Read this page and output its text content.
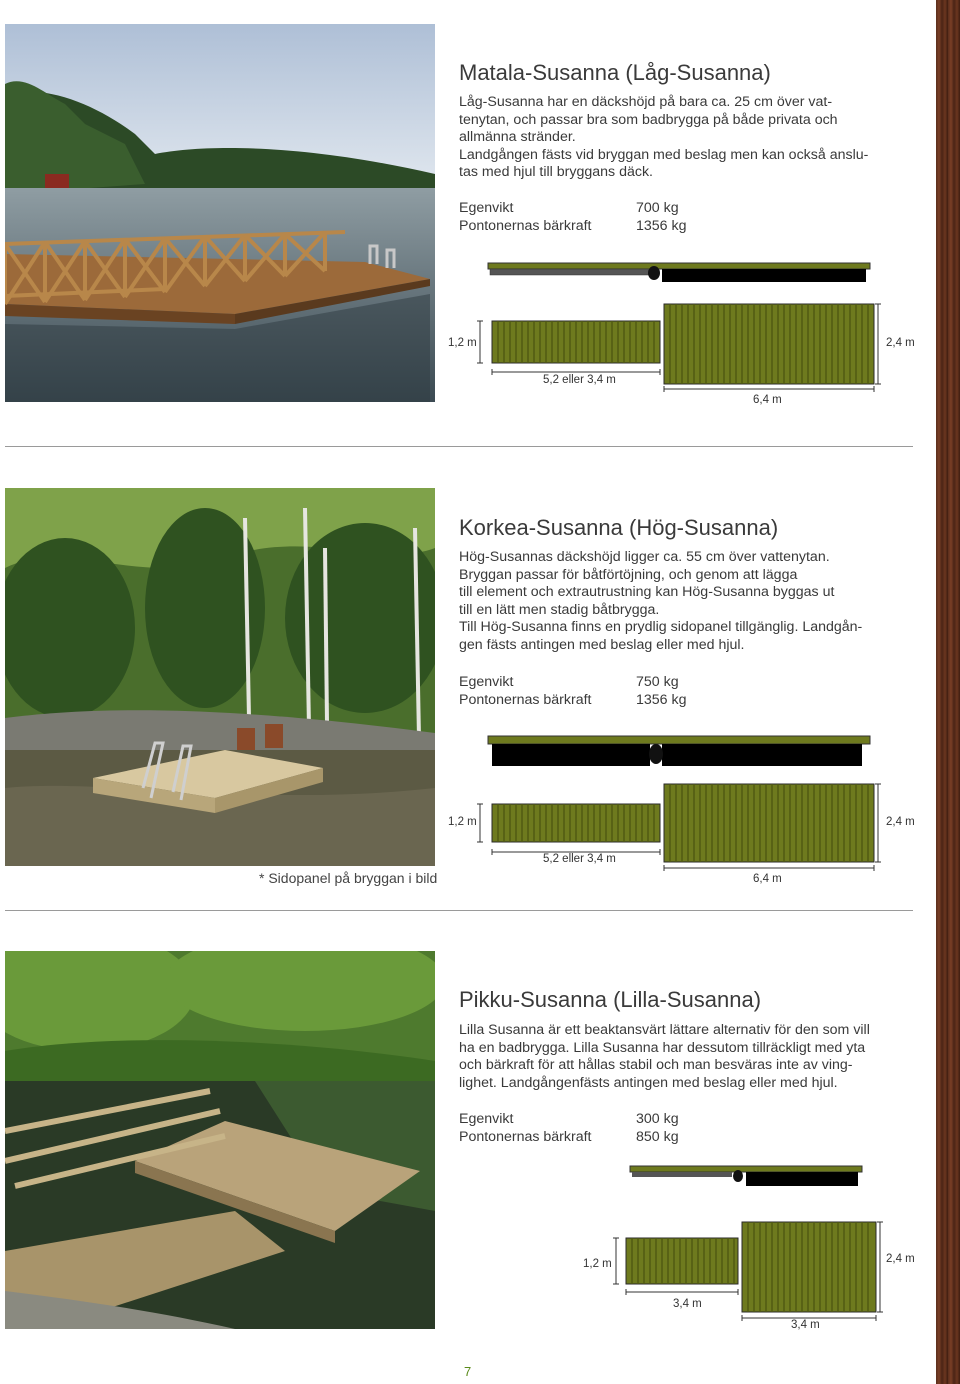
Matala-Susanna (Låg-Susanna)

Låg-Susanna har en däckshöjd på bara ca. 25 cm över vat-

tenytan, och passar bra som badbrygga på både privata och

allmänna stränder.

Landgången fästs vid bryggan med beslag men kan också anslu-

tas med hjul till bryggans däck.

Egenvikt	700 kg
Pontonernas bärkraft	1356 kg
1,2 m	2,4 m
5,2 eller 3,4 m
6,4 m
Korkea-Susanna (Hög-Susanna)

Hög-Susannas däckshöjd ligger ca. 55 cm över vattenytan.

Bryggan passar för båtförtöjning, och genom att lägga

till element och extrautrustning kan Hög-Susanna byggas ut

till en lätt men stadig båtbrygga.

Till Hög-Susanna finns en prydlig sidopanel tillgänglig. Landgån-

gen fästs antingen med beslag eller med hjul.

Egenvikt	750 kg
Pontonernas bärkraft	1356 kg
1,2 m	2,4 m
5,2 eller 3,4 m
6,4 m
* Sidopanel på bryggan i bild
Pikku-Susanna (Lilla-Susanna)

Lilla Susanna är ett beaktansvärt lättare alternativ för den som vill

ha en badbrygga. Lilla Susanna har dessutom tillräckligt med yta

och bärkraft för att hållas stabil och man besväras inte av ving-

lighet. Landgångenfästs antingen med beslag eller med hjul.

Egenvikt	300 kg
Pontonernas bärkraft	850 kg
1,2 m	2,4 m
3,4 m
3,4 m
7
